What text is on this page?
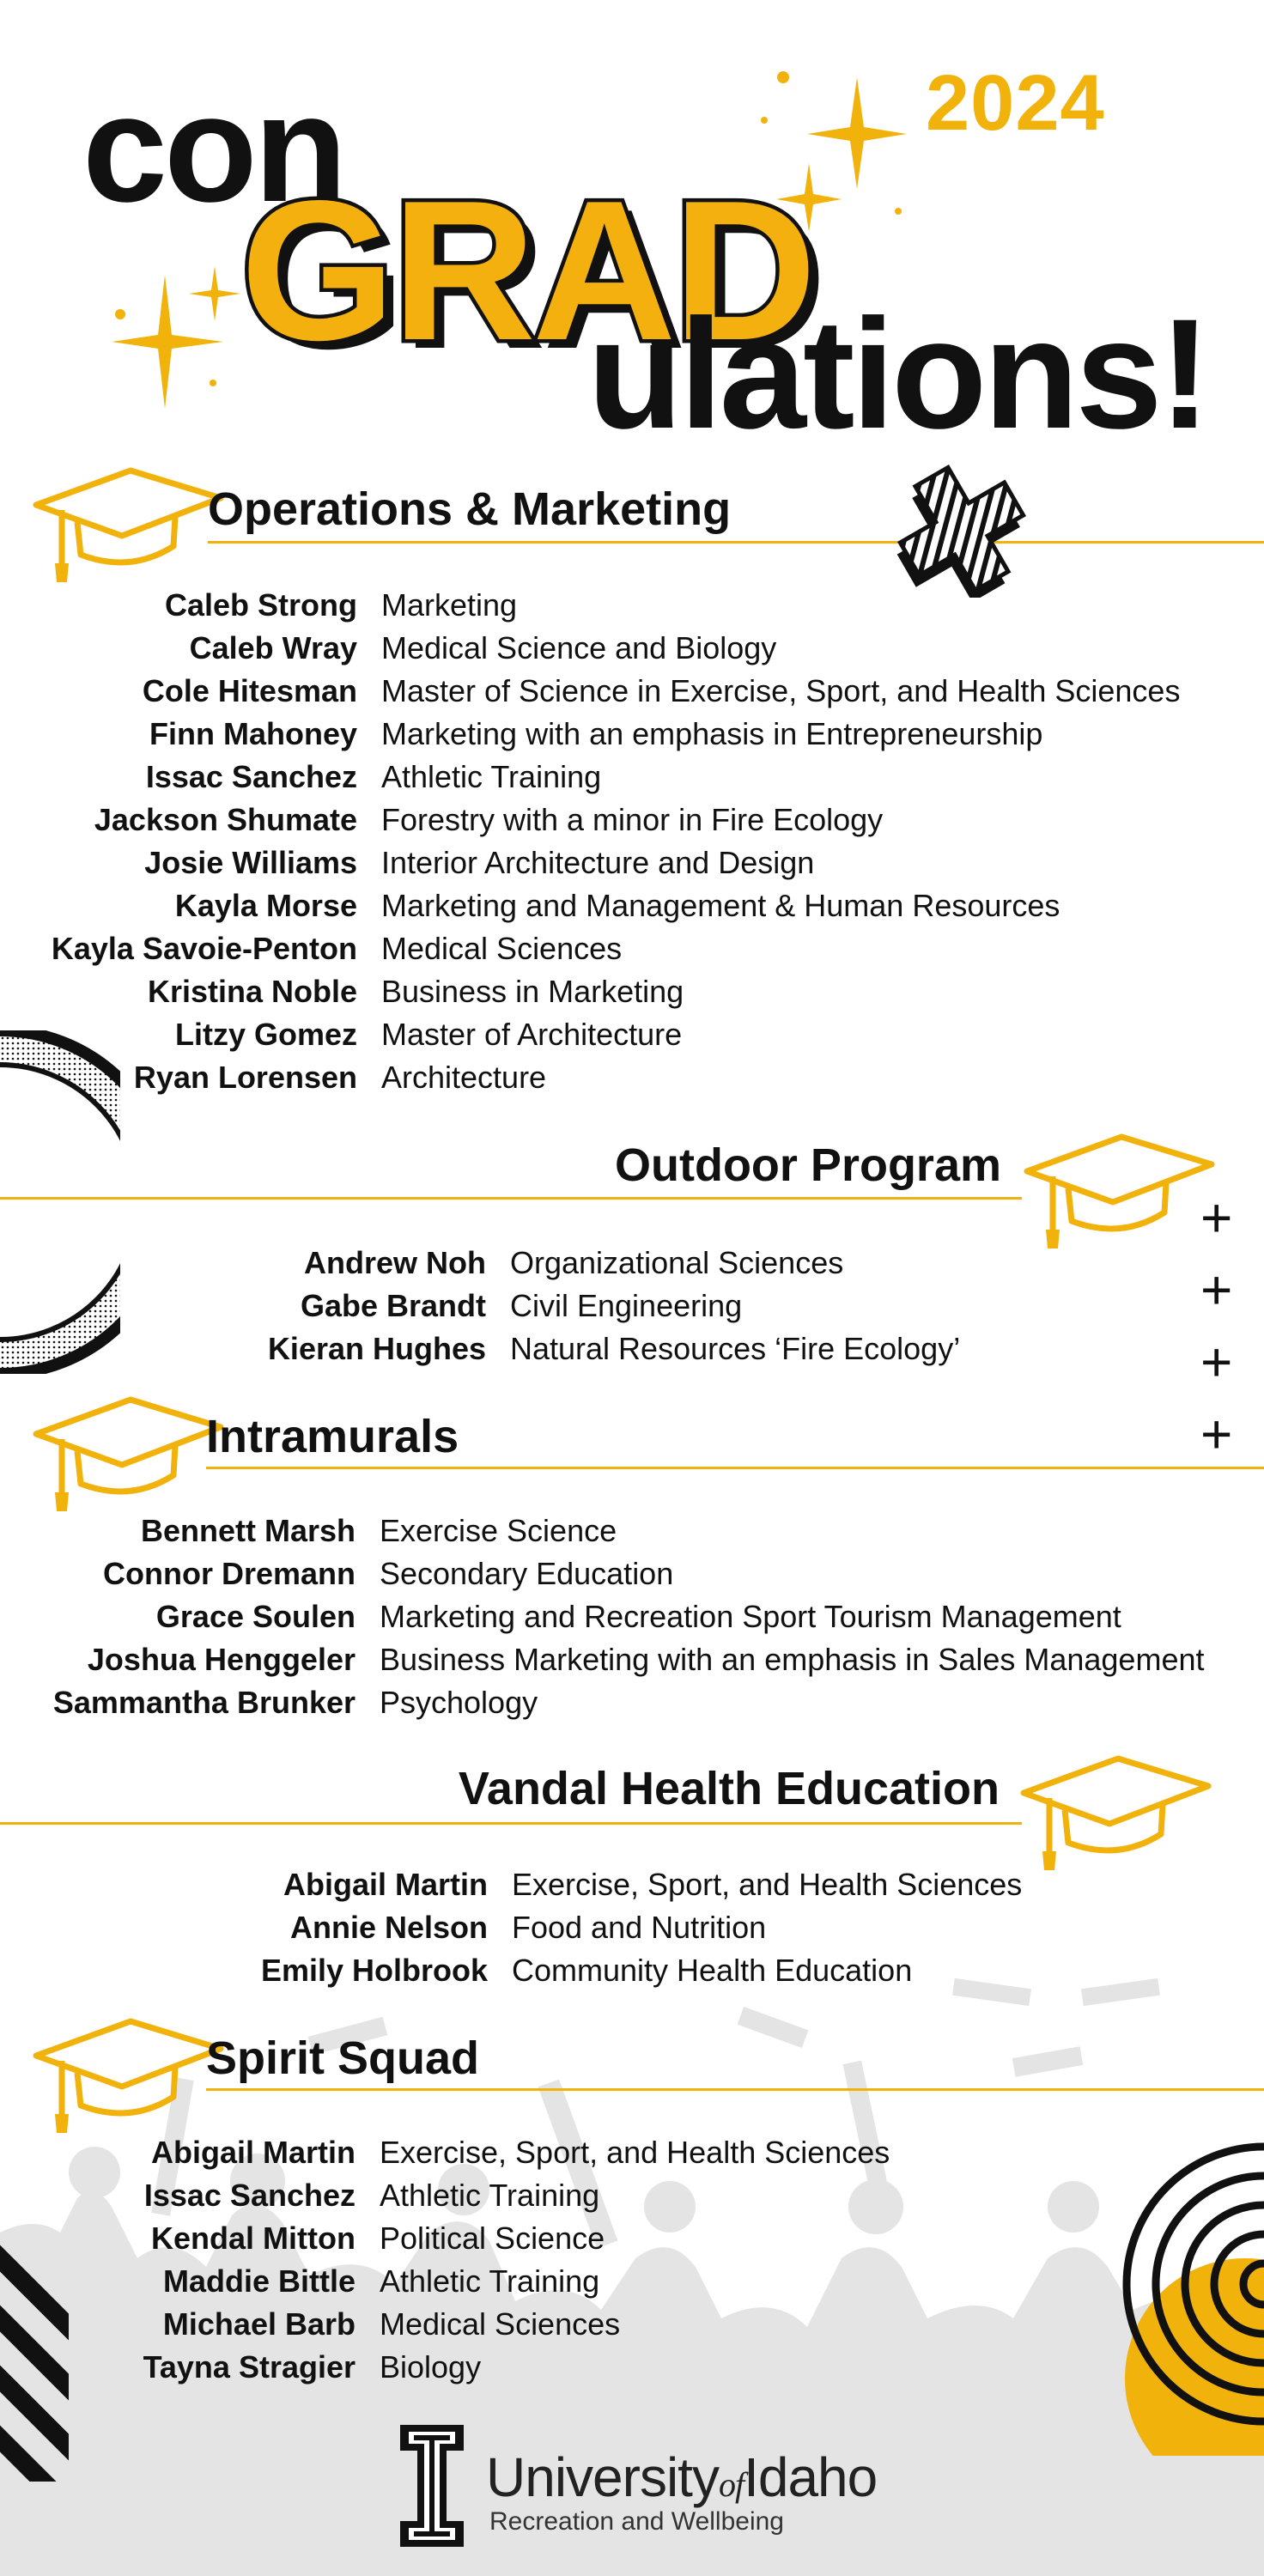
2024
con
GRAD
ulations!
Operations & Marketing
Caleb Strong Marketing
Caleb Wray Medical Science and Biology
Cole Hitesman Master of Science in Exercise, Sport, and Health Sciences
Finn Mahoney Marketing with an emphasis in Entrepreneurship
Issac Sanchez Athletic Training
Jackson Shumate Forestry with a minor in Fire Ecology
Josie Williams Interior Architecture and Design
Kayla Morse Marketing and Management & Human Resources
Kayla Savoie-Penton Medical Sciences
Kristina Noble Business in Marketing
Litzy Gomez Master of Architecture
Ryan Lorensen Architecture
Outdoor Program
+
+
+
+
Andrew Noh Organizational Sciences
Gabe Brandt Civil Engineering
Kieran Hughes Natural Resources ‘Fire Ecology’
Intramurals
Bennett Marsh Exercise Science
Connor Dremann Secondary Education
Grace Soulen Marketing and Recreation Sport Tourism Management
Joshua Henggeler Business Marketing with an emphasis in Sales Management
Sammantha Brunker Psychology
Vandal Health Education
Abigail Martin Exercise, Sport, and Health Sciences
Annie Nelson Food and Nutrition
Emily Holbrook Community Health Education
Spirit Squad
Abigail Martin Exercise, Sport, and Health Sciences
Issac Sanchez Athletic Training
Kendal Mitton Political Science
Maddie Bittle Athletic Training
Michael Barb Medical Sciences
Tayna Stragier Biology
UniversityofIdaho
Recreation and Wellbeing
